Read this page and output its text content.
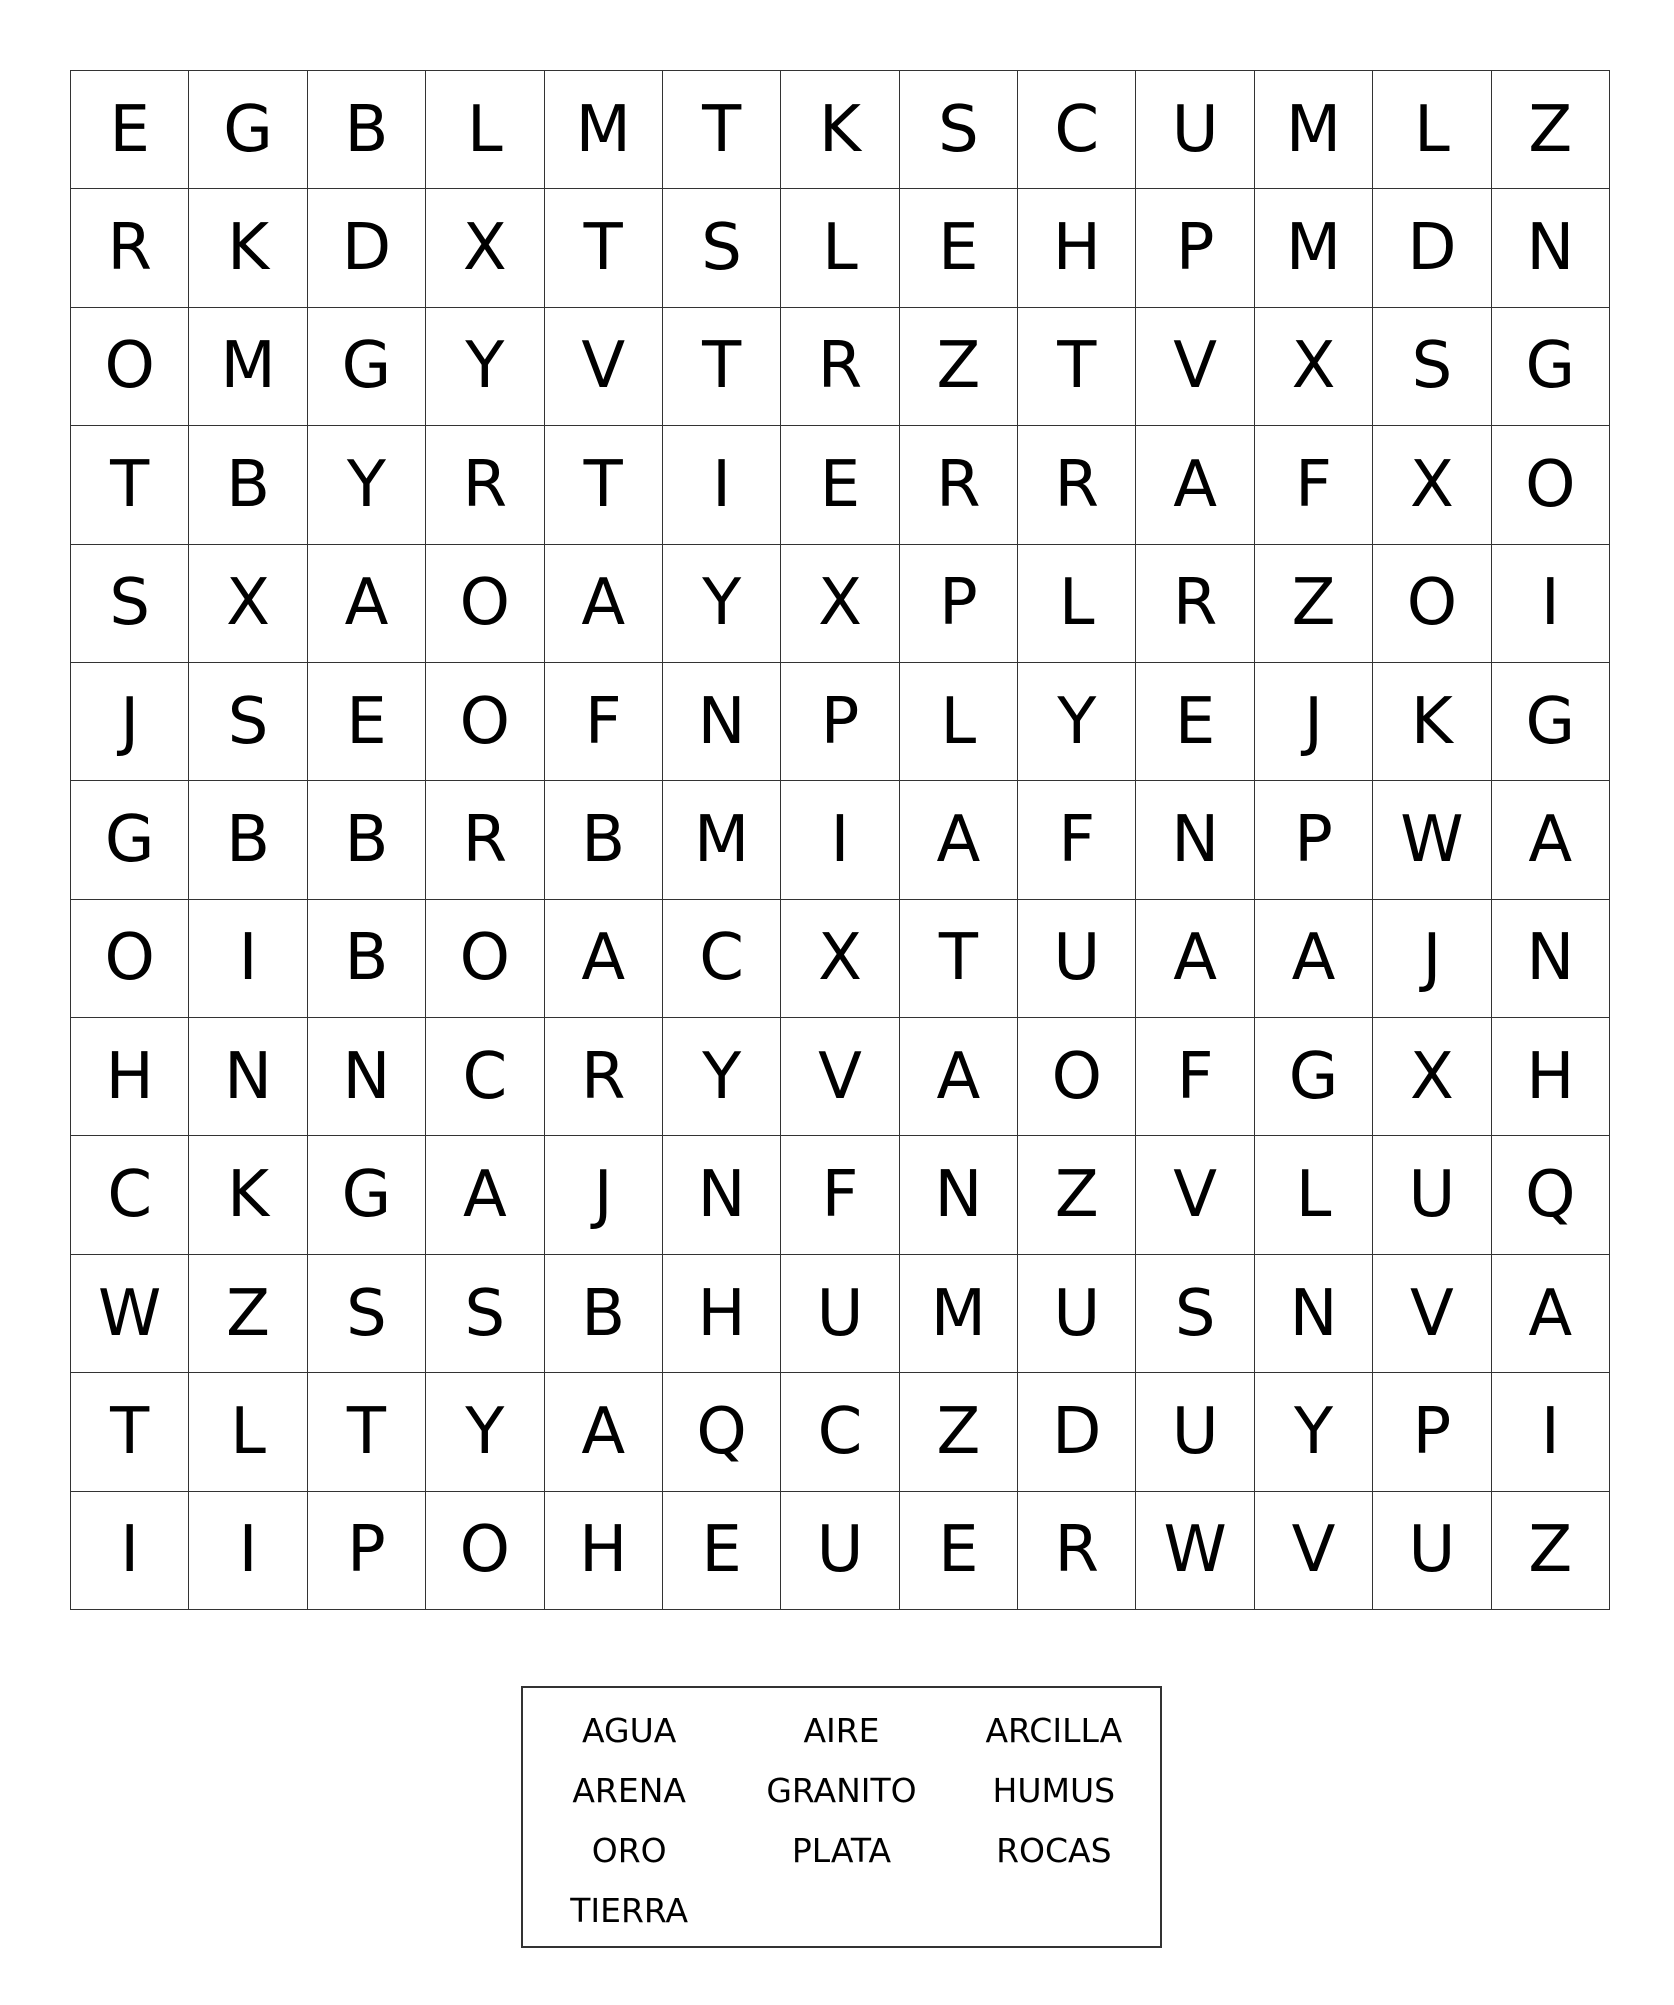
E	G	B	L	M	T	K	S	C	U	M	L	Z
R	K	D	X	T	S	L	E	H	P	M	D	N
O	M	G	Y	V	T	R	Z	T	V	X	S	G
T	B	Y	R	T	I	E	R	R	A	F	X	O
S	X	A	O	A	Y	X	P	L	R	Z	O	I
J	S	E	O	F	N	P	L	Y	E	J	K	G
G	B	B	R	B	M	I	A	F	N	P	W	A
O	I	B	O	A	C	X	T	U	A	A	J	N
H	N	N	C	R	Y	V	A	O	F	G	X	H
C	K	G	A	J	N	F	N	Z	V	L	U	Q
W	Z	S	S	B	H	U	M	U	S	N	V	A
T	L	T	Y	A	Q	C	Z	D	U	Y	P	I
I	I	P	O	H	E	U	E	R	W	V	U	Z
AGUA	AIRE	ARCILLA
ARENA	GRANITO	HUMUS
ORO	PLATA	ROCAS
TIERRA
